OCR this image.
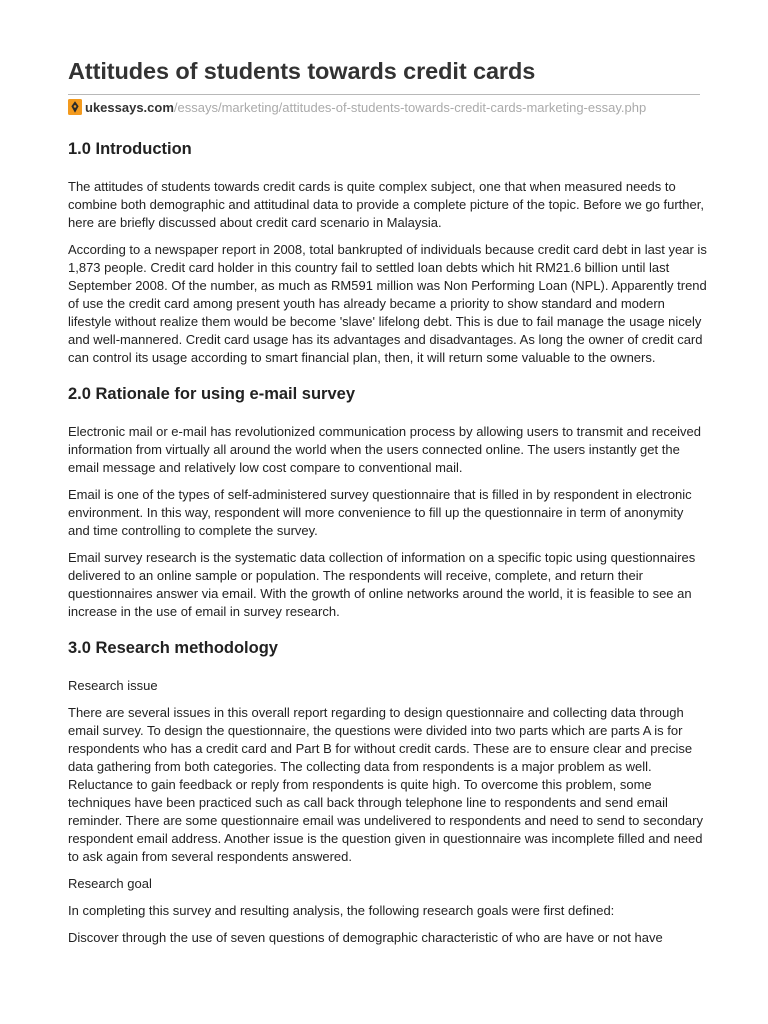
Attitudes of students towards credit cards
ukessays.com /essays/marketing/attitudes-of-students-towards-credit-cards-marketing-essay.php
1.0 Introduction

The attitudes of students towards credit cards is quite complex subject, one that when measured needs to combine both demographic and attitudinal data to provide a complete picture of the topic. Before we go further, here are briefly discussed about credit card scenario in Malaysia.

According to a newspaper report in 2008, total bankrupted of individuals because credit card debt in last year is 1,873 people. Credit card holder in this country fail to settled loan debts which hit RM21.6 billion until last September 2008. Of the number, as much as RM591 million was Non Performing Loan (NPL). Apparently trend of use the credit card among present youth has already became a priority to show standard and modern lifestyle without realize them would be become 'slave' lifelong debt. This is due to fail manage the usage nicely and well-mannered. Credit card usage has its advantages and disadvantages. As long the owner of credit card can control its usage according to smart financial plan, then, it will return some valuable to the owners.

2.0 Rationale for using e-mail survey

Electronic mail or e-mail has revolutionized communication process by allowing users to transmit and received information from virtually all around the world when the users connected online. The users instantly get the email message and relatively low cost compare to conventional mail.

Email is one of the types of self-administered survey questionnaire that is filled in by respondent in electronic environment. In this way, respondent will more convenience to fill up the questionnaire in term of anonymity and time controlling to complete the survey.

Email survey research is the systematic data collection of information on a specific topic using questionnaires delivered to an online sample or population. The respondents will receive, complete, and return their questionnaires answer via email. With the growth of online networks around the world, it is feasible to see an increase in the use of email in survey research.

3.0 Research methodology

Research issue

There are several issues in this overall report regarding to design questionnaire and collecting data through email survey. To design the questionnaire, the questions were divided into two parts which are parts A is for respondents who has a credit card and Part B for without credit cards. These are to ensure clear and precise data gathering from both categories. The collecting data from respondents is a major problem as well. Reluctance to gain feedback or reply from respondents is quite high. To overcome this problem, some techniques have been practiced such as call back through telephone line to respondents and send email reminder. There are some questionnaire email was undelivered to respondents and need to send to secondary respondent email address. Another issue is the question given in questionnaire was incomplete filled and need to ask again from several respondents answered.

Research goal

In completing this survey and resulting analysis, the following research goals were first defined:

Discover through the use of seven questions of demographic characteristic of who are have or not have
